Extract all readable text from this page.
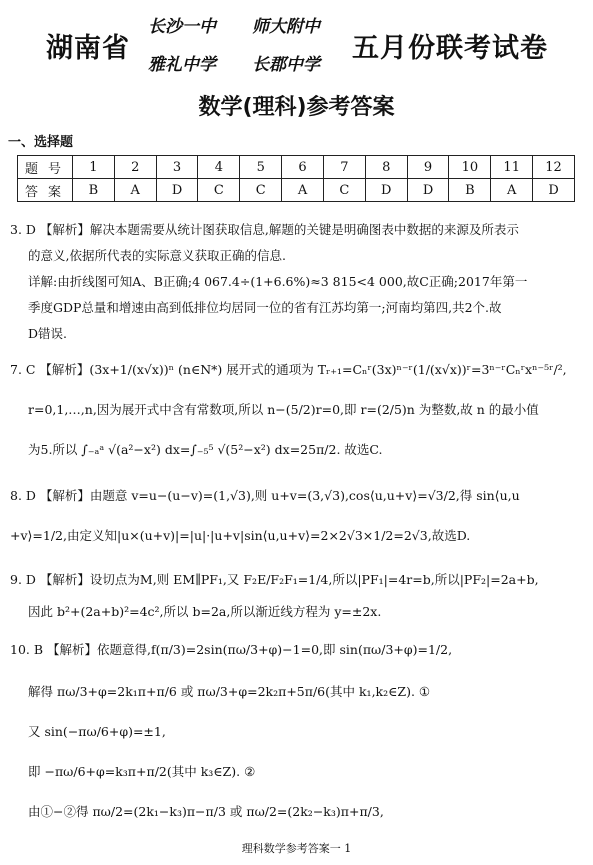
湖南省
长沙一中 师大附中
雅礼中学 长郡中学
五月份联考试卷
数学(理科)参考答案
一、选择题
题号	1	2	3	4	5	6	7	8	9	10	11	12
答案	B	A	D	C	C	A	C	D	D	B	A	D
3. D 【解析】解决本题需要从统计图获取信息,解题的关键是明确图表中数据的来源及所表示
的意义,依据所代表的实际意义获取正确的信息.
详解:由折线图可知A、B正确;4 067.4÷(1+6.6%)≈3 815<4 000,故C正确;2017年第一
季度GDP总量和增速由高到低排位均居同一位的省有江苏均第一;河南均第四,共2个.故
D错误.
7. C 【解析】(3x+1/(x√x))ⁿ (n∈N*) 展开式的通项为 Tᵣ₊₁=Cₙʳ(3x)ⁿ⁻ʳ(1/(x√x))ʳ=3ⁿ⁻ʳCₙʳxⁿ⁻⁵ʳ/²,
r=0,1,…,n,因为展开式中含有常数项,所以 n−(5/2)r=0,即 r=(2/5)n 为整数,故 n 的最小值
为5.所以 ∫₋ₐᵃ √(a²−x²) dx=∫₋₅⁵ √(5²−x²) dx=25π/2. 故选C.
8. D 【解析】由题意 v=u−(u−v)=(1,√3),则 u+v=(3,√3),cos⟨u,u+v⟩=√3/2,得 sin⟨u,u
+v⟩=1/2,由定义知|u×(u+v)|=|u|·|u+v|sin⟨u,u+v⟩=2×2√3×1/2=2√3,故选D.
9. D 【解析】设切点为M,则 EM∥PF₁,又 F₂E/F₂F₁=1/4,所以|PF₁|=4r=b,所以|PF₂|=2a+b,
因此 b²+(2a+b)²=4c²,所以 b=2a,所以渐近线方程为 y=±2x.
10. B 【解析】依题意得,f(π/3)=2sin(πω/3+φ)−1=0,即 sin(πω/3+φ)=1/2,
解得 πω/3+φ=2k₁π+π/6 或 πω/3+φ=2k₂π+5π/6(其中 k₁,k₂∈Z). ①
又 sin(−πω/6+φ)=±1,
即 −πω/6+φ=k₃π+π/2(其中 k₃∈Z). ②
由①−②得 πω/2=(2k₁−k₃)π−π/3 或 πω/2=(2k₂−k₃)π+π/3,
理科数学参考答案一 1
